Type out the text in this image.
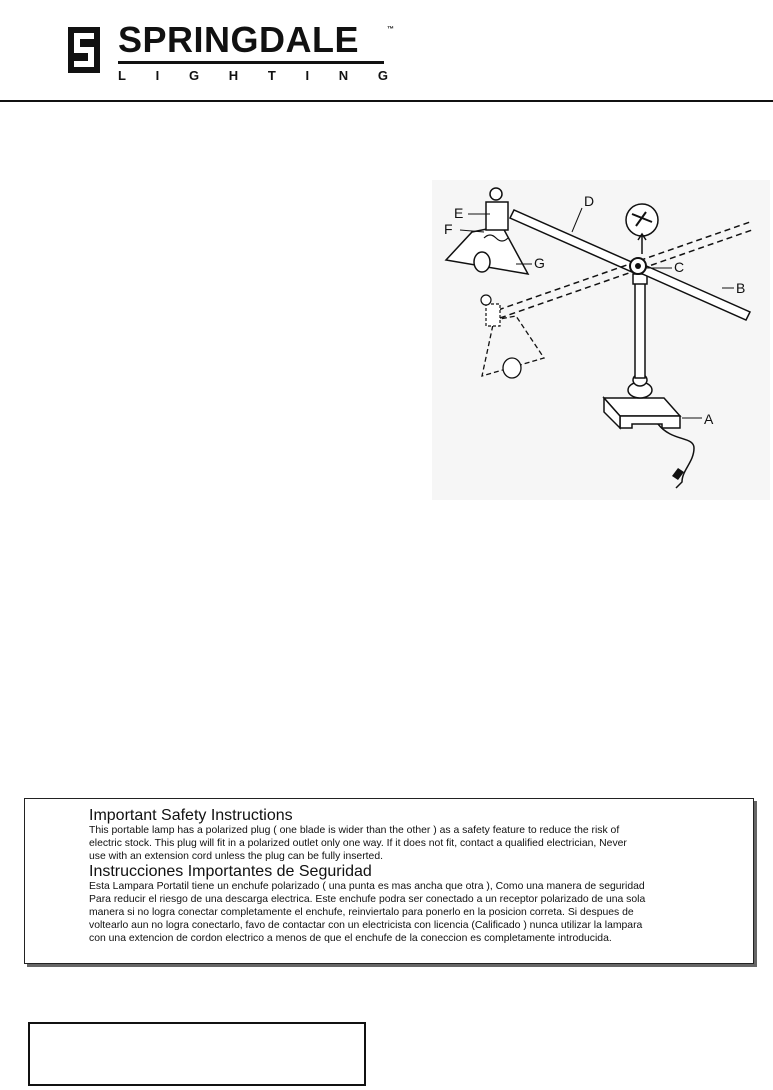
SPRINGDALE	™
L I G H T I N G
A
B
C
D
E
F
G
Important Safety Instructions

This portable lamp has a polarized plug ( one blade is wider than the other ) as a safety feature to reduce the risk of

electric stock. This plug will fit in a polarized outlet only one way. If it does not fit, contact a qualified electrician, Never

use with an extension cord unless the plug can be fully inserted.

Instrucciones Importantes de Seguridad

Esta Lampara Portatil tiene un enchufe polarizado ( una punta es mas ancha que otra ), Como una manera de seguridad

Para reducir el riesgo de una descarga electrica. Este enchufe podra ser conectado a un receptor polarizado de una sola

manera si no logra conectar completamente el enchufe, reinviertalo para ponerlo en la posicion correta. Si despues de

voltearlo aun no logra conectarlo, favo de contactar con un electricista con licencia (Calificado ) nunca utilizar la lampara

con una extencion de cordon electrico a menos de que el enchufe de la coneccion es completamente introducida.
